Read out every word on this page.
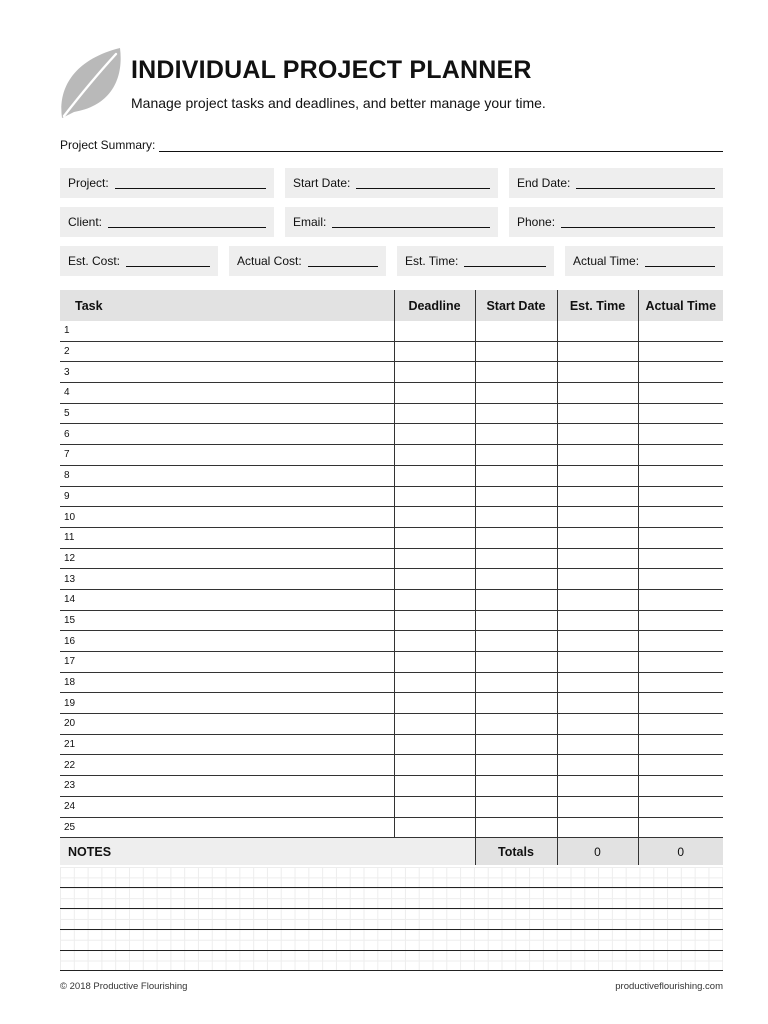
INDIVIDUAL PROJECT PLANNER
Manage project tasks and deadlines, and better manage your time.
Project Summary:
Project:	Start Date:	End Date:
Client:	Email:	Phone:
Est. Cost:	Actual Cost:	Est. Time:	Actual Time:
Task	Deadline	Start Date	Est. Time	Actual Time
1				
2				
3				
4				
5				
6				
7				
8				
9				
10				
11				
12				
13				
14				
15				
16				
17				
18				
19				
20				
21				
22				
23				
24				
25				
NOTES		Totals	0	0
© 2018 Productive Flourishing	productiveflourishing.com
